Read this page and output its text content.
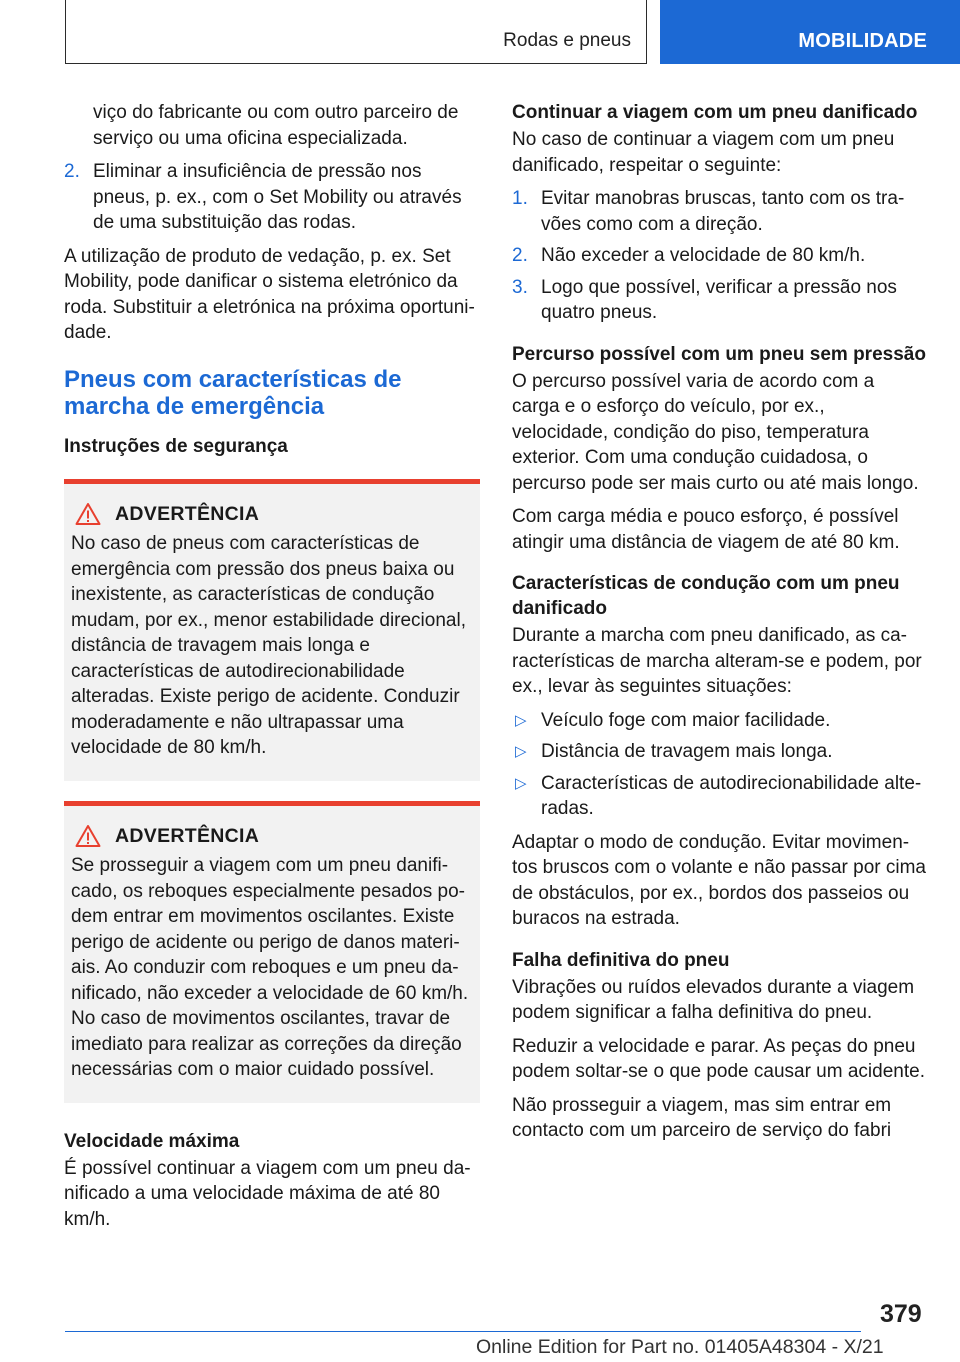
Rodas e pneus	MOBILIDADE

viço do fabricante ou com outro parceiro de serviço ou uma oficina especializada.

2. Eliminar a insuficiência de pressão nos pneus, p. ex., com o Set Mobility ou através de uma substituição das rodas.

A utilização de produto de vedação, p. ex. Set Mobility, pode danificar o sistema eletrónico da roda. Substituir a eletrónica na próxima oportunidade.

Pneus com características de marcha de emergência
Instruções de segurança
ADVERTÊNCIA

No caso de pneus com características de emergência com pressão dos pneus baixa ou inexistente, as características de condução mudam, por ex., menor estabilidade direcional, distância de travagem mais longa e características de autodirecionabilidade alteradas. Existe perigo de acidente. Conduzir moderadamente e não ultrapassar uma velocidade de 80 km/h.

ADVERTÊNCIA

Se prosseguir a viagem com um pneu danificado, os reboques especialmente pesados podem entrar em movimentos oscilantes. Existe perigo de acidente ou perigo de danos materiais. Ao conduzir com reboques e um pneu danificado, não exceder a velocidade de 60 km/h. No caso de movimentos oscilantes, travar de imediato para realizar as correções da direção necessárias com o maior cuidado possível.

Velocidade máxima

É possível continuar a viagem com um pneu danificado a uma velocidade máxima de até 80 km/h.

Continuar a viagem com um pneu danificado

No caso de continuar a viagem com um pneu danificado, respeitar o seguinte:

1. Evitar manobras bruscas, tanto com os travões como com a direção.
2. Não exceder a velocidade de 80 km/h.
3. Logo que possível, verificar a pressão nos quatro pneus.
Percurso possível com um pneu sem pressão

O percurso possível varia de acordo com a carga e o esforço do veículo, por ex., velocidade, condição do piso, temperatura exterior. Com uma condução cuidadosa, o percurso pode ser mais curto ou até mais longo.

Com carga média e pouco esforço, é possível atingir uma distância de viagem de até 80 km.

Características de condução com um pneu danificado

Durante a marcha com pneu danificado, as características de marcha alteram-se e podem, por ex., levar às seguintes situações:

▷ Veículo foge com maior facilidade.
▷ Distância de travagem mais longa.
▷ Características de autodirecionabilidade alteradas.

Adaptar o modo de condução. Evitar movimentos bruscos com o volante e não passar por cima de obstáculos, por ex., bordos dos passeios ou buracos na estrada.

Falha definitiva do pneu

Vibrações ou ruídos elevados durante a viagem podem significar a falha definitiva do pneu.

Reduzir a velocidade e parar. As peças do pneu podem soltar-se o que pode causar um acidente.

Não prosseguir a viagem, mas sim entrar em contacto com um parceiro de serviço do fabri

379
Online Edition for Part no. 01405A48304 - X/21
